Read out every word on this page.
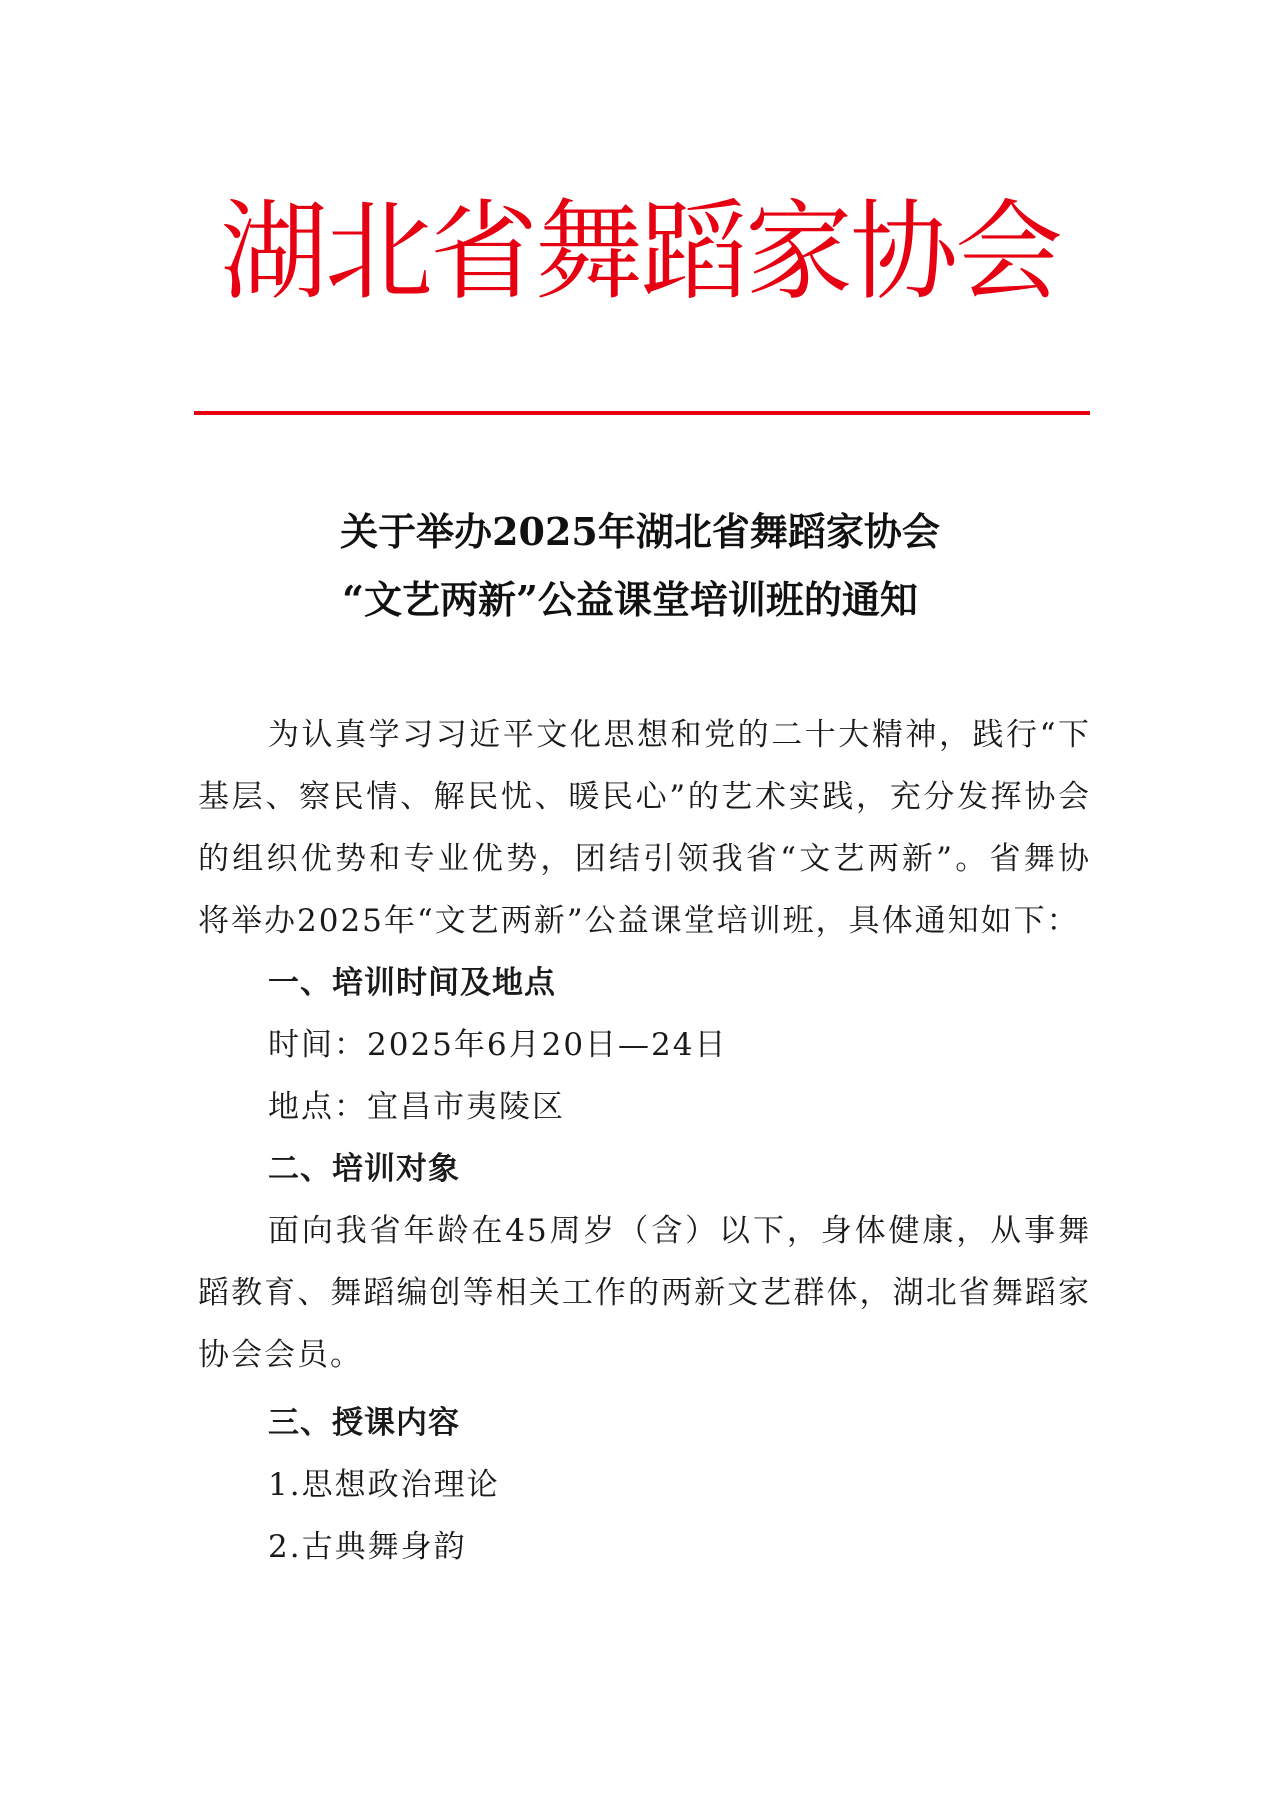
湖北省舞蹈家协会
关于举办2025年湖北省舞蹈家协会
“文艺两新”公益课堂培训班的通知

为认真学习习近平文化思想和党的二十大精神，践行“下基层、察民情、解民忧、暖民心”的艺术实践，充分发挥协会的组织优势和专业优势，团结引领我省“文艺两新”。省舞协将举办2025年“文艺两新”公益课堂培训班，具体通知如下：

一、培训时间及地点

时间：2025年6月20日—24日

地点：宜昌市夷陵区

二、培训对象

面向我省年龄在45周岁（含）以下，身体健康，从事舞蹈教育、舞蹈编创等相关工作的两新文艺群体，湖北省舞蹈家协会会员。

三、授课内容

1.思想政治理论

2.古典舞身韵
